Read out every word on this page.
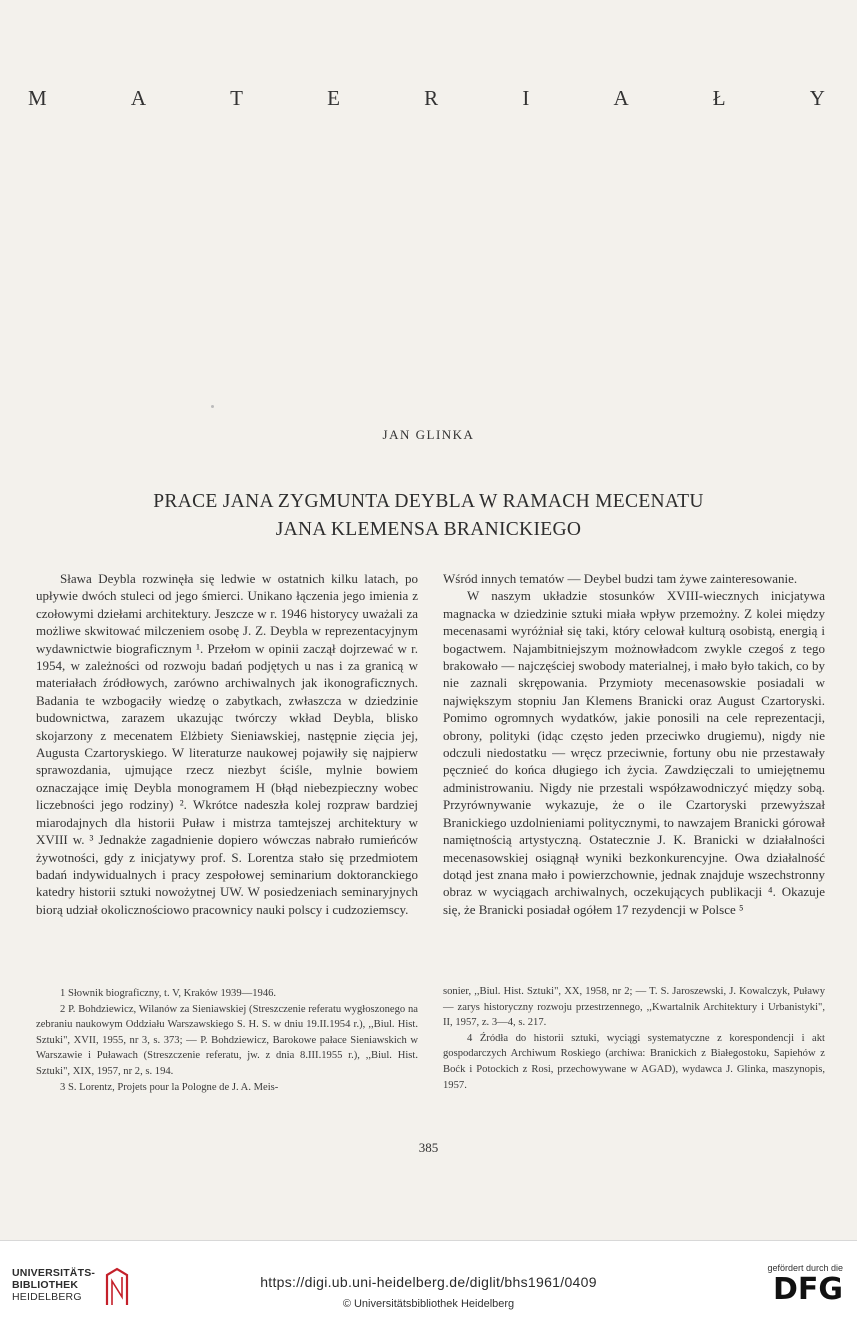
M	A	T	E	R	I	A	Ł	Y
JAN GLINKA
PRACE JANA ZYGMUNTA DEYBLA W RAMACH MECENATU
JANA KLEMENSA BRANICKIEGO

Sława Deybla rozwinęła się ledwie w ostatnich kilku latach, po upływie dwóch stuleci od jego śmierci. Unikano łączenia jego imienia z czołowymi dziełami architektury. Jeszcze w r. 1946 historycy uważali za możliwe skwitować milczeniem osobę J. Z. Deybla w reprezentacyjnym wydawnictwie biograficznym ¹. Przełom w opinii zaczął dojrzewać w r. 1954, w zależności od rozwoju badań podjętych u nas i za granicą w materiałach źródłowych, zarówno archiwalnych jak ikonograficznych. Badania te wzbogaciły wiedzę o zabytkach, zwłaszcza w dziedzinie budownictwa, zarazem ukazując twórczy wkład Deybla, blisko skojarzony z mecenatem Elżbiety Sieniawskiej, następnie zięcia jej, Augusta Czartoryskiego. W literaturze naukowej pojawiły się najpierw sprawozdania, ujmujące rzecz niezbyt ściśle, mylnie bowiem oznaczające imię Deybla monogramem H (błąd niebezpieczny wobec liczebności jego rodziny) ². Wkrótce nadeszła kolej rozpraw bardziej miarodajnych dla historii Puław i mistrza tamtejszej architektury w XVIII w. ³ Jednakże zagadnienie dopiero wówczas nabrało rumieńców żywotności, gdy z inicjatywy prof. S. Lorentza stało się przedmiotem badań indywidualnych i pracy zespołowej seminarium doktoranckiego katedry historii sztuki nowożytnej UW. W posiedzeniach seminaryjnych biorą udział okolicznościowo pracownicy nauki polscy i cudzoziemscy.

Wśród innych tematów — Deybel budzi tam żywe zainteresowanie.

W naszym układzie stosunków XVIII-wiecznych inicjatywa magnacka w dziedzinie sztuki miała wpływ przemożny. Z kolei między mecenasami wyróżniał się taki, który celował kulturą osobistą, energią i bogactwem. Najambitniejszym możnowładcom zwykle czegoś z tego brakowało — najczęściej swobody materialnej, i mało było takich, co by nie zaznali skrępowania. Przymioty mecenasowskie posiadali w największym stopniu Jan Klemens Branicki oraz August Czartoryski. Pomimo ogromnych wydatków, jakie ponosili na cele reprezentacji, obrony, polityki (idąc często jeden przeciwko drugiemu), nigdy nie odczuli niedostatku — wręcz przeciwnie, fortuny obu nie przestawały pęcznieć do końca długiego ich życia. Zawdzięczali to umiejętnemu administrowaniu. Nigdy nie przestali współzawodniczyć między sobą. Przyrównywanie wykazuje, że o ile Czartoryski przewyższał Branickiego uzdolnieniami politycznymi, to nawzajem Branicki górował namiętnością artystyczną. Ostatecznie J. K. Branicki w działalności mecenasowskiej osiągnął wyniki bezkonkurencyjne. Owa działalność dotąd jest znana mało i powierzchownie, jednak znajduje wszechstronny obraz w wyciągach archiwalnych, oczekujących publikacji ⁴. Okazuje się, że Branicki posiadał ogółem 17 rezydencji w Polsce ⁵

1 Słownik biograficzny, t. V, Kraków 1939—1946.

2 P. Bohdziewicz, Wilanów za Sieniawskiej (Streszczenie referatu wygłoszonego na zebraniu naukowym Oddziału Warszawskiego S. H. S. w dniu 19.II.1954 r.), ,,Biul. Hist. Sztuki", XVII, 1955, nr 3, s. 373; — P. Bohdziewicz, Barokowe pałace Sieniawskich w Warszawie i Puławach (Streszczenie referatu, jw. z dnia 8.III.1955 r.), ,,Biul. Hist. Sztuki", XIX, 1957, nr 2, s. 194.

3 S. Lorentz, Projets pour la Pologne de J. A. Meis-

sonier, ,,Biul. Hist. Sztuki", XX, 1958, nr 2; — T. S. Jaroszewski, J. Kowalczyk, Puławy — zarys historyczny rozwoju przestrzennego, ,,Kwartalnik Architektury i Urbanistyki", II, 1957, z. 3—4, s. 217.

4 Źródła do historii sztuki, wyciągi systematyczne z korespondencji i akt gospodarczych Archiwum Roskiego (archiwa: Branickich z Białegostoku, Sapiehów z Boćk i Potockich z Rosi, przechowywane w AGAD), wydawca J. Glinka, maszynopis, 1957.

385
UNIVERSITÄTS-
BIBLIOTHEK
HEIDELBERG
https://digi.ub.uni-heidelberg.de/diglit/bhs1961/0409
© Universitätsbibliothek Heidelberg
gefördert durch die
DFG
